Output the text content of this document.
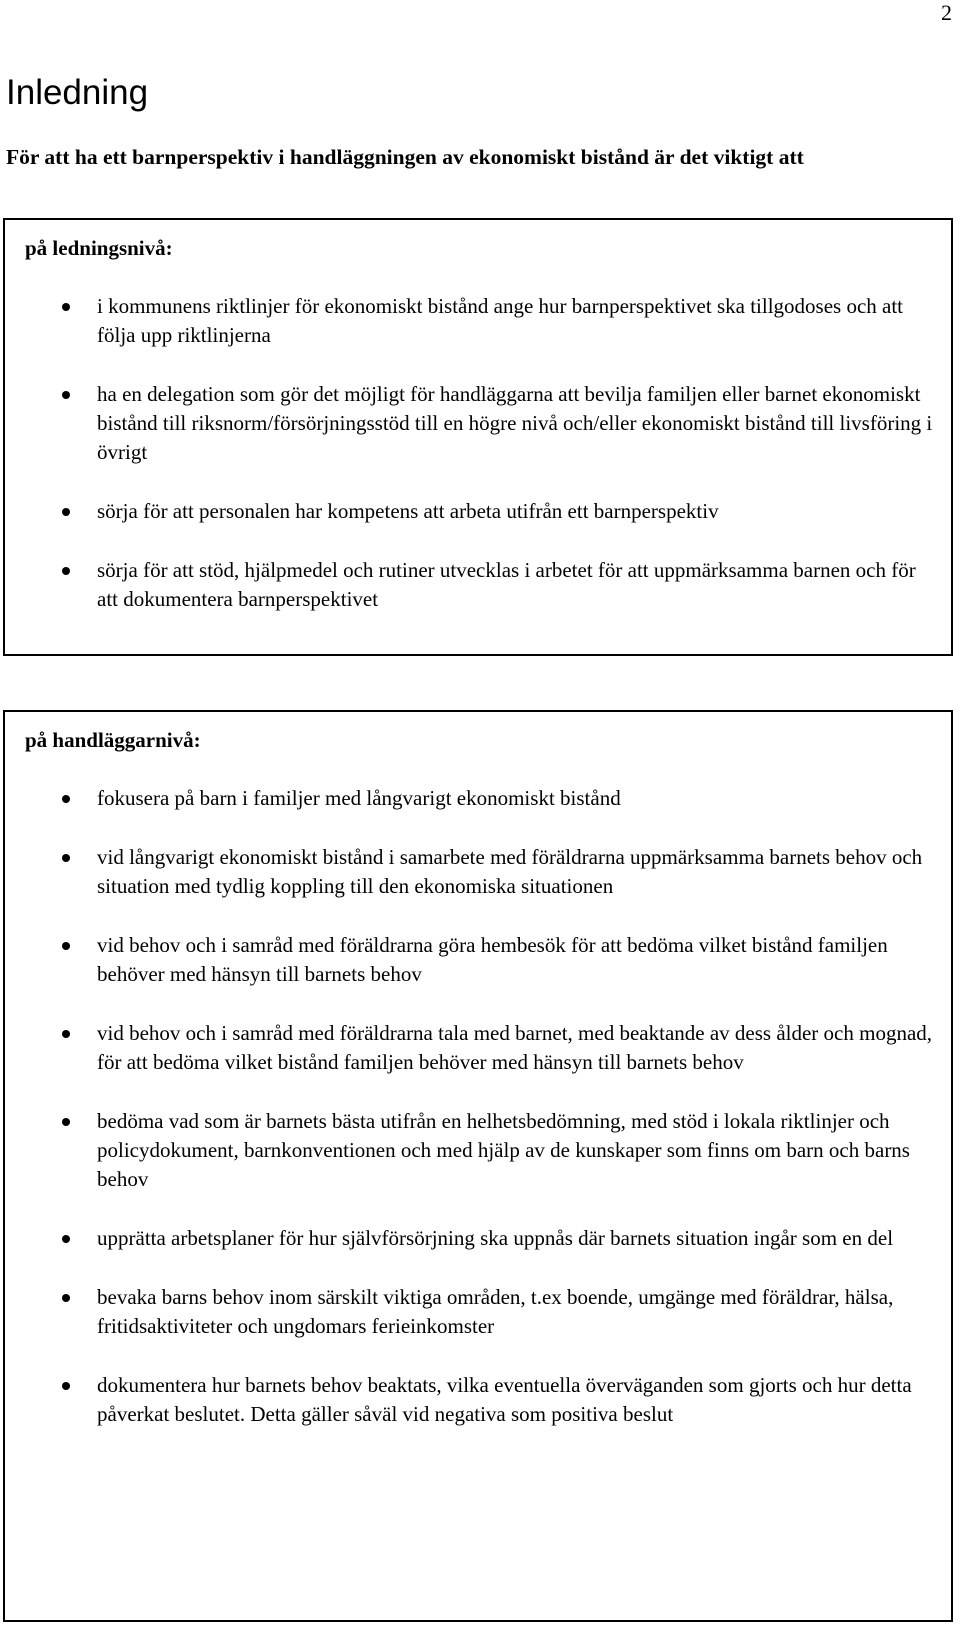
2
Inledning

För att ha ett barnperspektiv i handläggningen av ekonomiskt bistånd är det viktigt att

på ledningsnivå:

i kommunens riktlinjer för ekonomiskt bistånd ange hur barnperspektivet ska tillgodoses och att följa upp riktlinjerna
ha en delegation som gör det möjligt för handläggarna att bevilja familjen eller barnet ekonomiskt bistånd till riksnorm/försörjningsstöd till en högre nivå och/eller ekonomiskt bistånd till livsföring i övrigt
sörja för att personalen har kompetens att arbeta utifrån ett barnperspektiv
sörja för att stöd, hjälpmedel och rutiner utvecklas i arbetet för att uppmärksamma barnen och för att dokumentera barnperspektivet

på handläggarnivå:

fokusera på barn i familjer med långvarigt ekonomiskt bistånd
vid långvarigt ekonomiskt bistånd i samarbete med föräldrarna uppmärksamma barnets behov och situation med tydlig koppling till den ekonomiska situationen
vid behov och i samråd med föräldrarna göra hembesök för att bedöma vilket bistånd familjen behöver med hänsyn till barnets behov
vid behov och i samråd med föräldrarna tala med barnet, med beaktande av dess ålder och mognad, för att bedöma vilket bistånd familjen behöver med hänsyn till barnets behov
bedöma vad som är barnets bästa utifrån en helhetsbedömning, med stöd i lokala riktlinjer och policydokument, barnkonventionen och med hjälp av de kunskaper som finns om barn och barns behov
upprätta arbetsplaner för hur självförsörjning ska uppnås där barnets situation ingår som en del
bevaka barns behov inom särskilt viktiga områden, t.ex boende, umgänge med föräldrar, hälsa, fritidsaktiviteter och ungdomars ferieinkomster
dokumentera hur barnets behov beaktats, vilka eventuella överväganden som gjorts och hur detta påverkat beslutet. Detta gäller såväl vid negativa som positiva beslut
